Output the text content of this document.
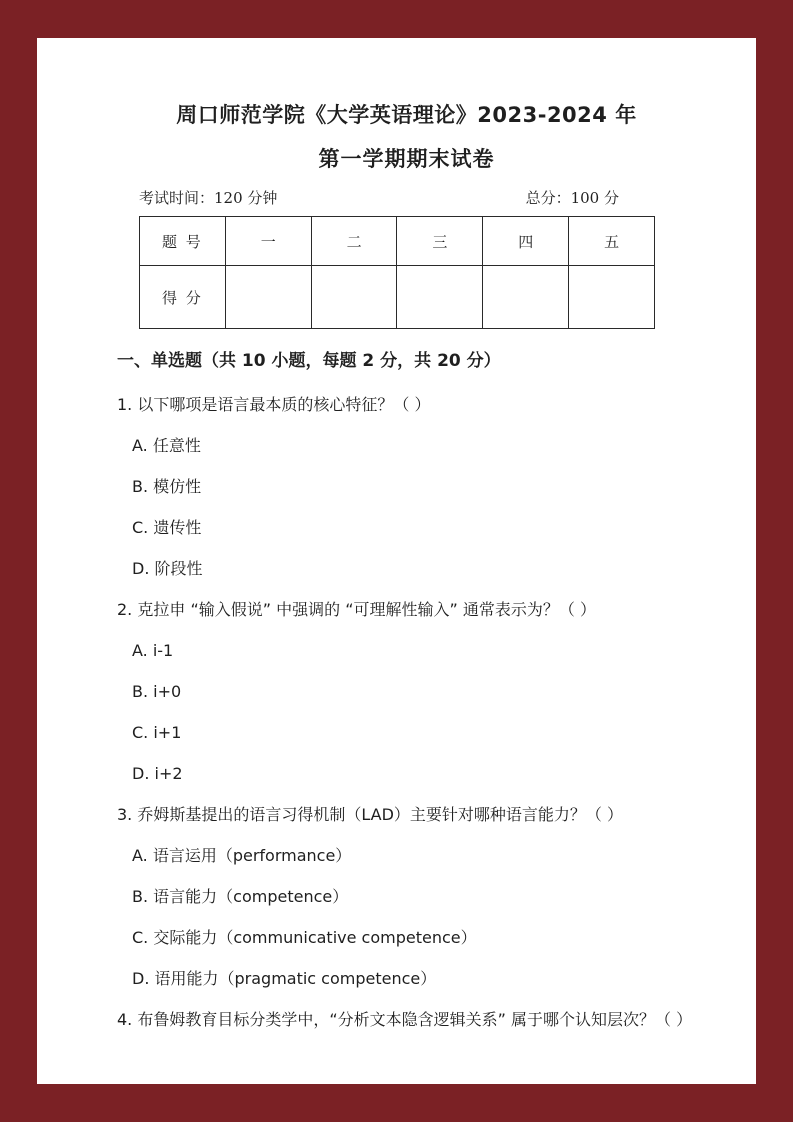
周口师范学院《大学英语理论》2023-2024 年
第一学期期末试卷
考试时间：120 分钟	总分：100 分
题 号	一	二	三	四	五
得 分					
一、单选题（共 10 小题，每题 2 分，共 20 分）

1. 以下哪项是语言最本质的核心特征？（ ）

A. 任意性

B. 模仿性

C. 遗传性

D. 阶段性

2. 克拉申 “输入假说” 中强调的 “可理解性输入” 通常表示为？（ ）

A. i-1

B. i+0

C. i+1

D. i+2

3. 乔姆斯基提出的语言习得机制（LAD）主要针对哪种语言能力？（ ）

A. 语言运用（performance）

B. 语言能力（competence）

C. 交际能力（communicative competence）

D. 语用能力（pragmatic competence）

4. 布鲁姆教育目标分类学中，“分析文本隐含逻辑关系” 属于哪个认知层次？（ ）
